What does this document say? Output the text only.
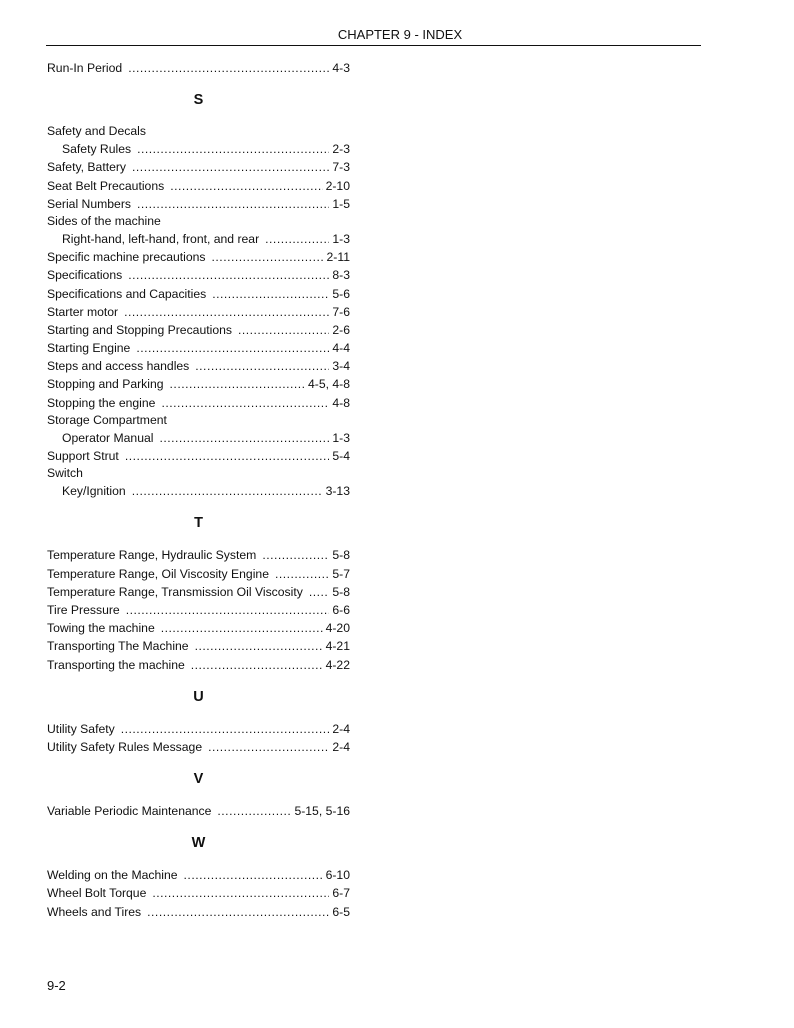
CHAPTER 9 - INDEX
Run-In Period .....	4-3
S
Safety and Decals
Safety Rules .....	2-3
Safety, Battery .....	7-3
Seat Belt Precautions .....	2-10
Serial Numbers .....	1-5
Sides of the machine
Right-hand, left-hand, front, and rear .....	1-3
Specific machine precautions .....	2-11
Specifications .....	8-3
Specifications and Capacities .....	5-6
Starter motor .....	7-6
Starting and Stopping Precautions .....	2-6
Starting Engine .....	4-4
Steps and access handles .....	3-4
Stopping and Parking .....	4-5, 4-8
Stopping the engine .....	4-8
Storage Compartment
Operator Manual .....	1-3
Support Strut .....	5-4
Switch
Key/Ignition .....	3-13
T
Temperature Range, Hydraulic System .....	5-8
Temperature Range, Oil Viscosity Engine .....	5-7
Temperature Range, Transmission Oil Viscosity ..... 5-8
Tire Pressure .....	6-6
Towing the machine .....	4-20
Transporting The Machine .....	4-21
Transporting the machine .....	4-22
U
Utility Safety .....	2-4
Utility Safety Rules Message .....	2-4
V
Variable Periodic Maintenance .....	5-15, 5-16
W
Welding on the Machine .....	6-10
Wheel Bolt Torque .....	6-7
Wheels and Tires .....	6-5
9-2
